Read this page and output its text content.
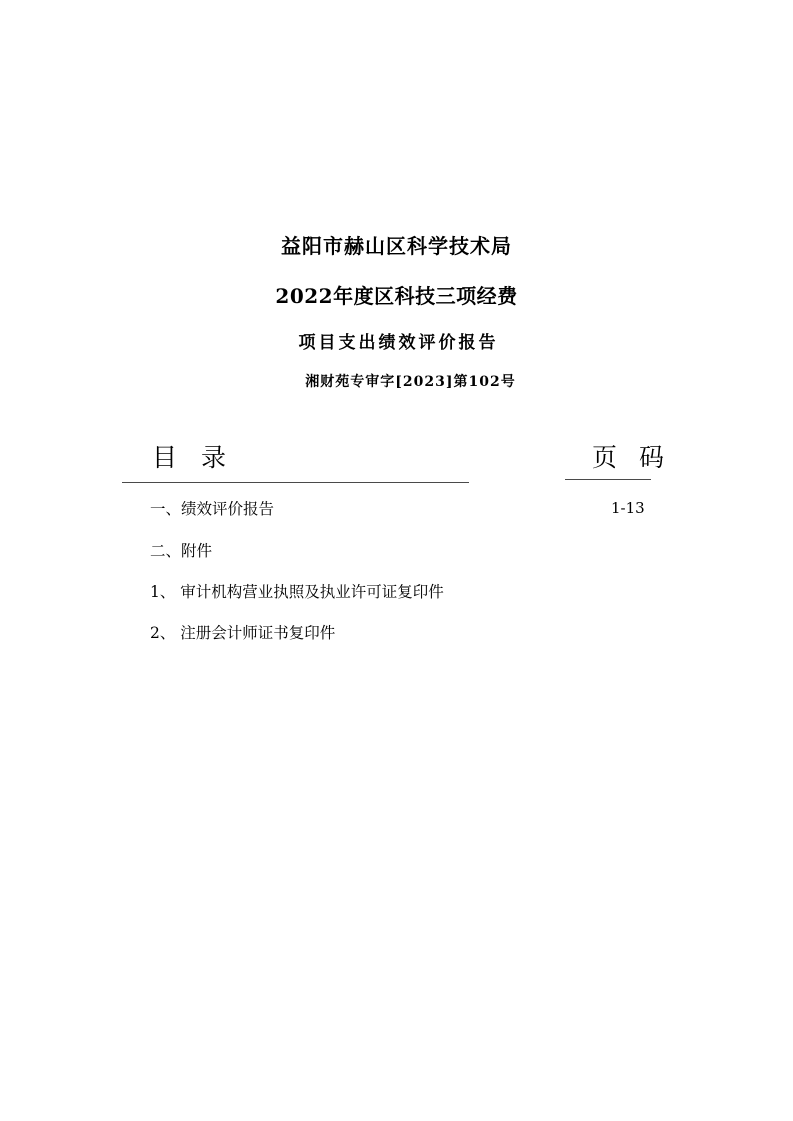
益阳市赫山区科学技术局
2022年度区科技三项经费
项目支出绩效评价报告
湘财苑专审字[2023]第102号
目录	页码
一、绩效评价报告	1-13
二、附件
1、 审计机构营业执照及执业许可证复印件
2、 注册会计师证书复印件
